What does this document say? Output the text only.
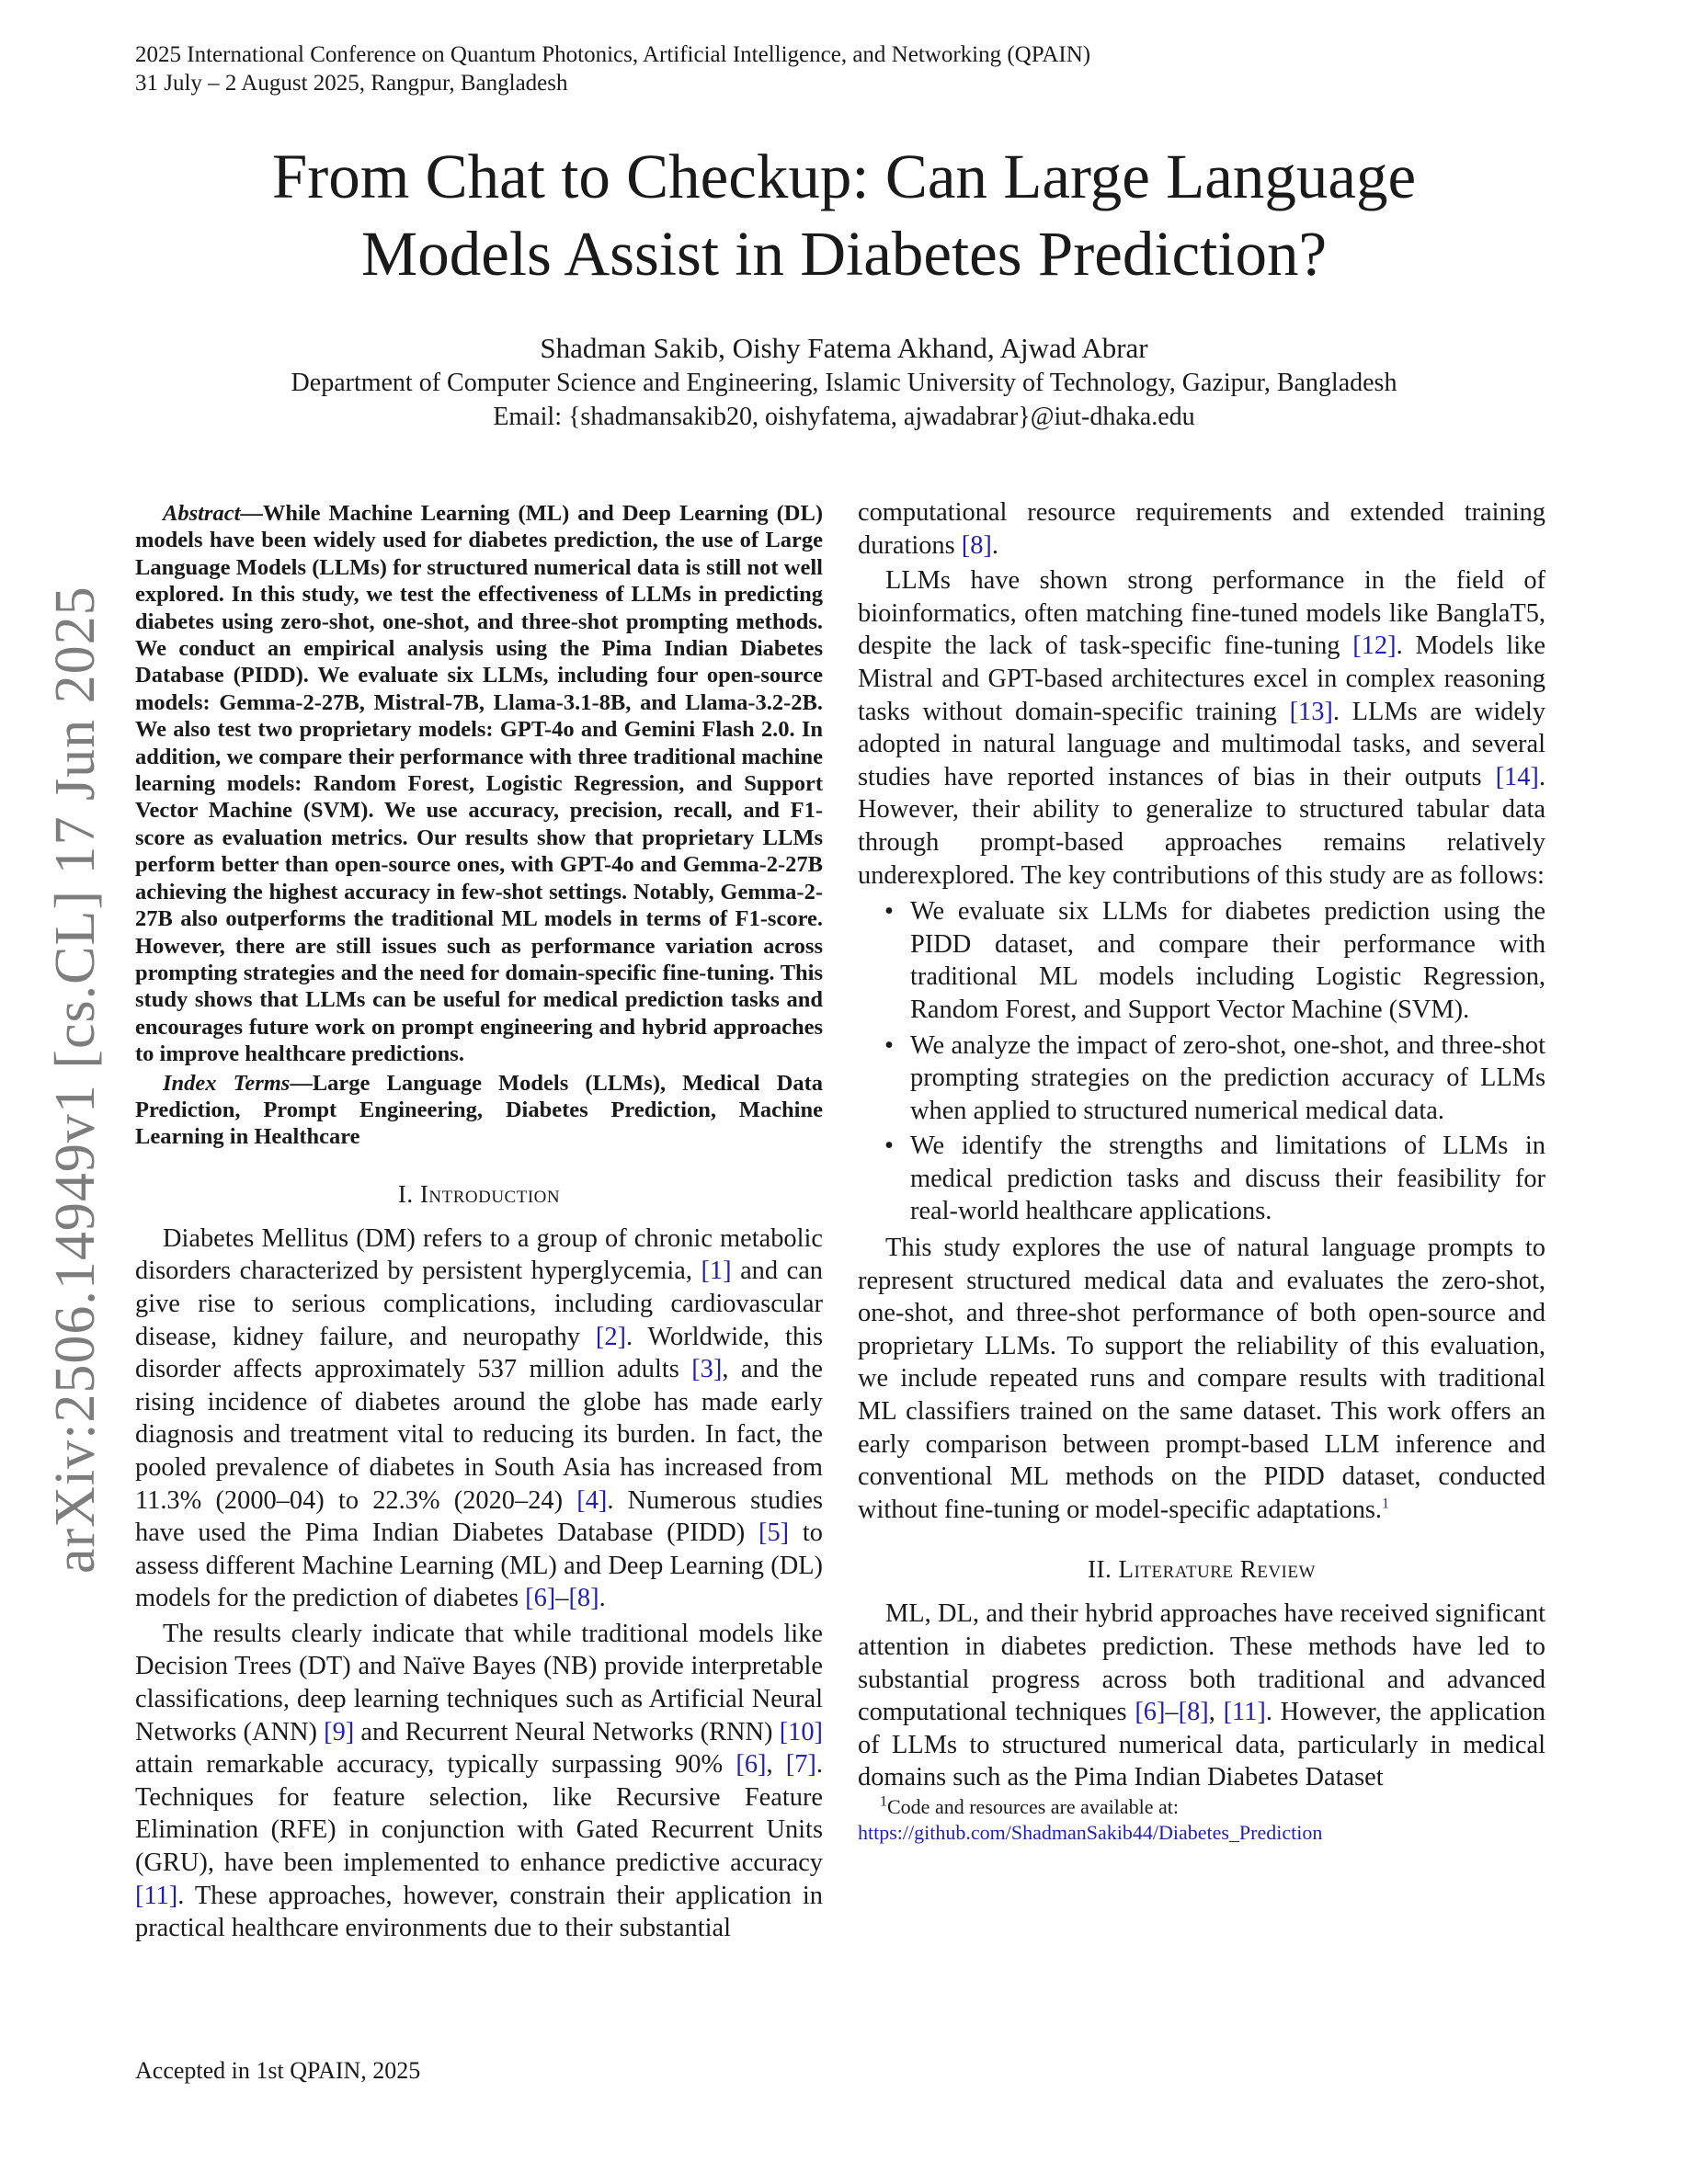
2025 International Conference on Quantum Photonics, Artificial Intelligence, and Networking (QPAIN)
31 July – 2 August 2025, Rangpur, Bangladesh
From Chat to Checkup: Can Large Language
Models Assist in Diabetes Prediction?
Shadman Sakib, Oishy Fatema Akhand, Ajwad Abrar
Department of Computer Science and Engineering, Islamic University of Technology, Gazipur, Bangladesh
Email: {shadmansakib20, oishyfatema, ajwadabrar}@iut-dhaka.edu
arXiv:2506.14949v1 [cs.CL] 17 Jun 2025

Abstract—While Machine Learning (ML) and Deep Learning (DL) models have been widely used for diabetes prediction, the use of Large Language Models (LLMs) for structured numerical data is still not well explored. In this study, we test the effectiveness of LLMs in predicting diabetes using zero-shot, one-shot, and three-shot prompting methods. We conduct an empirical analysis using the Pima Indian Diabetes Database (PIDD). We evaluate six LLMs, including four open-source models: Gemma-2-27B, Mistral-7B, Llama-3.1-8B, and Llama-3.2-2B. We also test two proprietary models: GPT-4o and Gemini Flash 2.0. In addition, we compare their performance with three traditional machine learning models: Random Forest, Logistic Regression, and Support Vector Machine (SVM). We use accuracy, precision, recall, and F1-score as evaluation metrics. Our results show that proprietary LLMs perform better than open-source ones, with GPT-4o and Gemma-2-27B achieving the highest accuracy in few-shot settings. Notably, Gemma-2-27B also outperforms the traditional ML models in terms of F1-score. However, there are still issues such as performance variation across prompting strategies and the need for domain-specific fine-tuning. This study shows that LLMs can be useful for medical prediction tasks and encourages future work on prompt engineering and hybrid approaches to improve healthcare predictions.

Index Terms—Large Language Models (LLMs), Medical Data Prediction, Prompt Engineering, Diabetes Prediction, Machine Learning in Healthcare

I. Introduction

Diabetes Mellitus (DM) refers to a group of chronic metabolic disorders characterized by persistent hyperglycemia, [1] and can give rise to serious complications, including cardiovascular disease, kidney failure, and neuropathy [2]. Worldwide, this disorder affects approximately 537 million adults [3], and the rising incidence of diabetes around the globe has made early diagnosis and treatment vital to reducing its burden. In fact, the pooled prevalence of diabetes in South Asia has increased from 11.3% (2000–04) to 22.3% (2020–24) [4]. Numerous studies have used the Pima Indian Diabetes Database (PIDD) [5] to assess different Machine Learning (ML) and Deep Learning (DL) models for the prediction of diabetes [6]–[8].

The results clearly indicate that while traditional models like Decision Trees (DT) and Naïve Bayes (NB) provide interpretable classifications, deep learning techniques such as Artificial Neural Networks (ANN) [9] and Recurrent Neural Networks (RNN) [10] attain remarkable accuracy, typically surpassing 90% [6], [7]. Techniques for feature selection, like Recursive Feature Elimination (RFE) in conjunction with Gated Recurrent Units (GRU), have been implemented to enhance predictive accuracy [11]. These approaches, however, constrain their application in practical healthcare environments due to their substantial

computational resource requirements and extended training durations [8].

LLMs have shown strong performance in the field of bioinformatics, often matching fine-tuned models like BanglaT5, despite the lack of task-specific fine-tuning [12]. Models like Mistral and GPT-based architectures excel in complex reasoning tasks without domain-specific training [13]. LLMs are widely adopted in natural language and multimodal tasks, and several studies have reported instances of bias in their outputs [14]. However, their ability to generalize to structured tabular data through prompt-based approaches remains relatively underexplored. The key contributions of this study are as follows:

• We evaluate six LLMs for diabetes prediction using the PIDD dataset, and compare their performance with traditional ML models including Logistic Regression, Random Forest, and Support Vector Machine (SVM).
• We analyze the impact of zero-shot, one-shot, and three-shot prompting strategies on the prediction accuracy of LLMs when applied to structured numerical medical data.
• We identify the strengths and limitations of LLMs in medical prediction tasks and discuss their feasibility for real-world healthcare applications.

This study explores the use of natural language prompts to represent structured medical data and evaluates the zero-shot, one-shot, and three-shot performance of both open-source and proprietary LLMs. To support the reliability of this evaluation, we include repeated runs and compare results with traditional ML classifiers trained on the same dataset. This work offers an early comparison between prompt-based LLM inference and conventional ML methods on the PIDD dataset, conducted without fine-tuning or model-specific adaptations.$^1$

II. Literature Review

ML, DL, and their hybrid approaches have received significant attention in diabetes prediction. These methods have led to substantial progress across both traditional and advanced computational techniques [6]–[8], [11]. However, the application of LLMs to structured numerical data, particularly in medical domains such as the Pima Indian Diabetes Dataset

$^1$Code and resources are available at: https://github.com/ShadmanSakib44/Diabetes_Prediction
Accepted in 1st QPAIN, 2025
